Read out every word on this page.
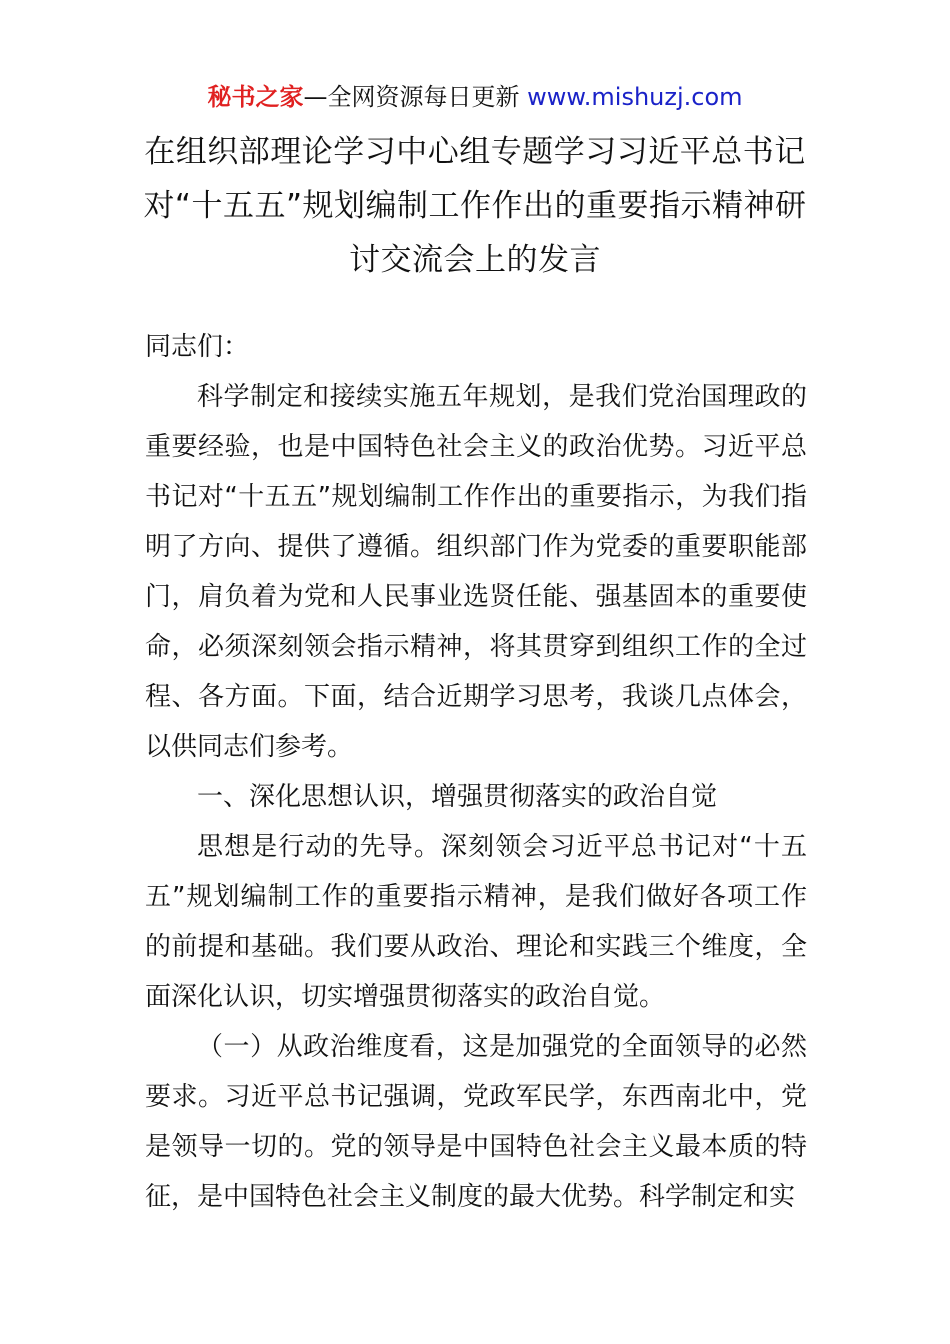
秘书之家—全网资源每日更新 www.mishuzj.com
在组织部理论学习中心组专题学习习近平总书记对“十五五”规划编制工作作出的重要指示精神研讨交流会上的发言

同志们：

科学制定和接续实施五年规划，是我们党治国理政的重要经验，也是中国特色社会主义的政治优势。习近平总书记对“十五五”规划编制工作作出的重要指示，为我们指明了方向、提供了遵循。组织部门作为党委的重要职能部门，肩负着为党和人民事业选贤任能、强基固本的重要使命，必须深刻领会指示精神，将其贯穿到组织工作的全过程、各方面。下面，结合近期学习思考，我谈几点体会，以供同志们参考。

一、深化思想认识，增强贯彻落实的政治自觉

思想是行动的先导。深刻领会习近平总书记对“十五五”规划编制工作的重要指示精神，是我们做好各项工作的前提和基础。我们要从政治、理论和实践三个维度，全面深化认识，切实增强贯彻落实的政治自觉。

（一）从政治维度看，这是加强党的全面领导的必然要求。习近平总书记强调，党政军民学，东西南北中，党是领导一切的。党的领导是中国特色社会主义最本质的特征，是中国特色社会主义制度的最大优势。科学制定和实
